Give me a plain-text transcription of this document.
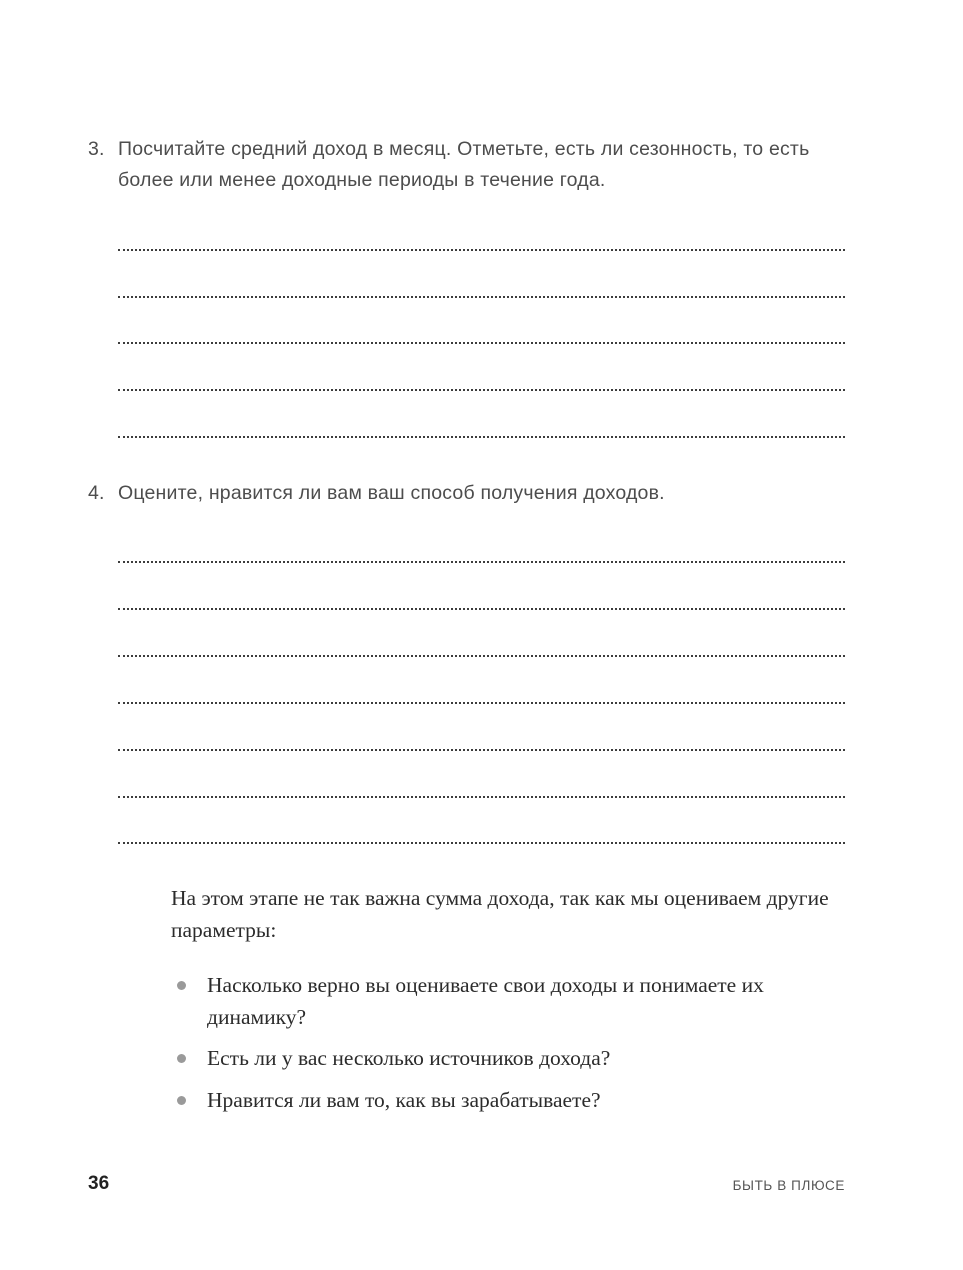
3. Посчитайте средний доход в месяц. Отметьте, есть ли сезонность, то есть более или менее доходные периоды в течение года.
4. Оцените, нравится ли вам ваш способ получения доходов.
На этом этапе не так важна сумма дохода, так как мы оцениваем другие параметры:
Насколько верно вы оцениваете свои доходы и понимаете их динамику?
Есть ли у вас несколько источников дохода?
Нравится ли вам то, как вы зарабатываете?
36	БЫТЬ В ПЛЮСЕ
